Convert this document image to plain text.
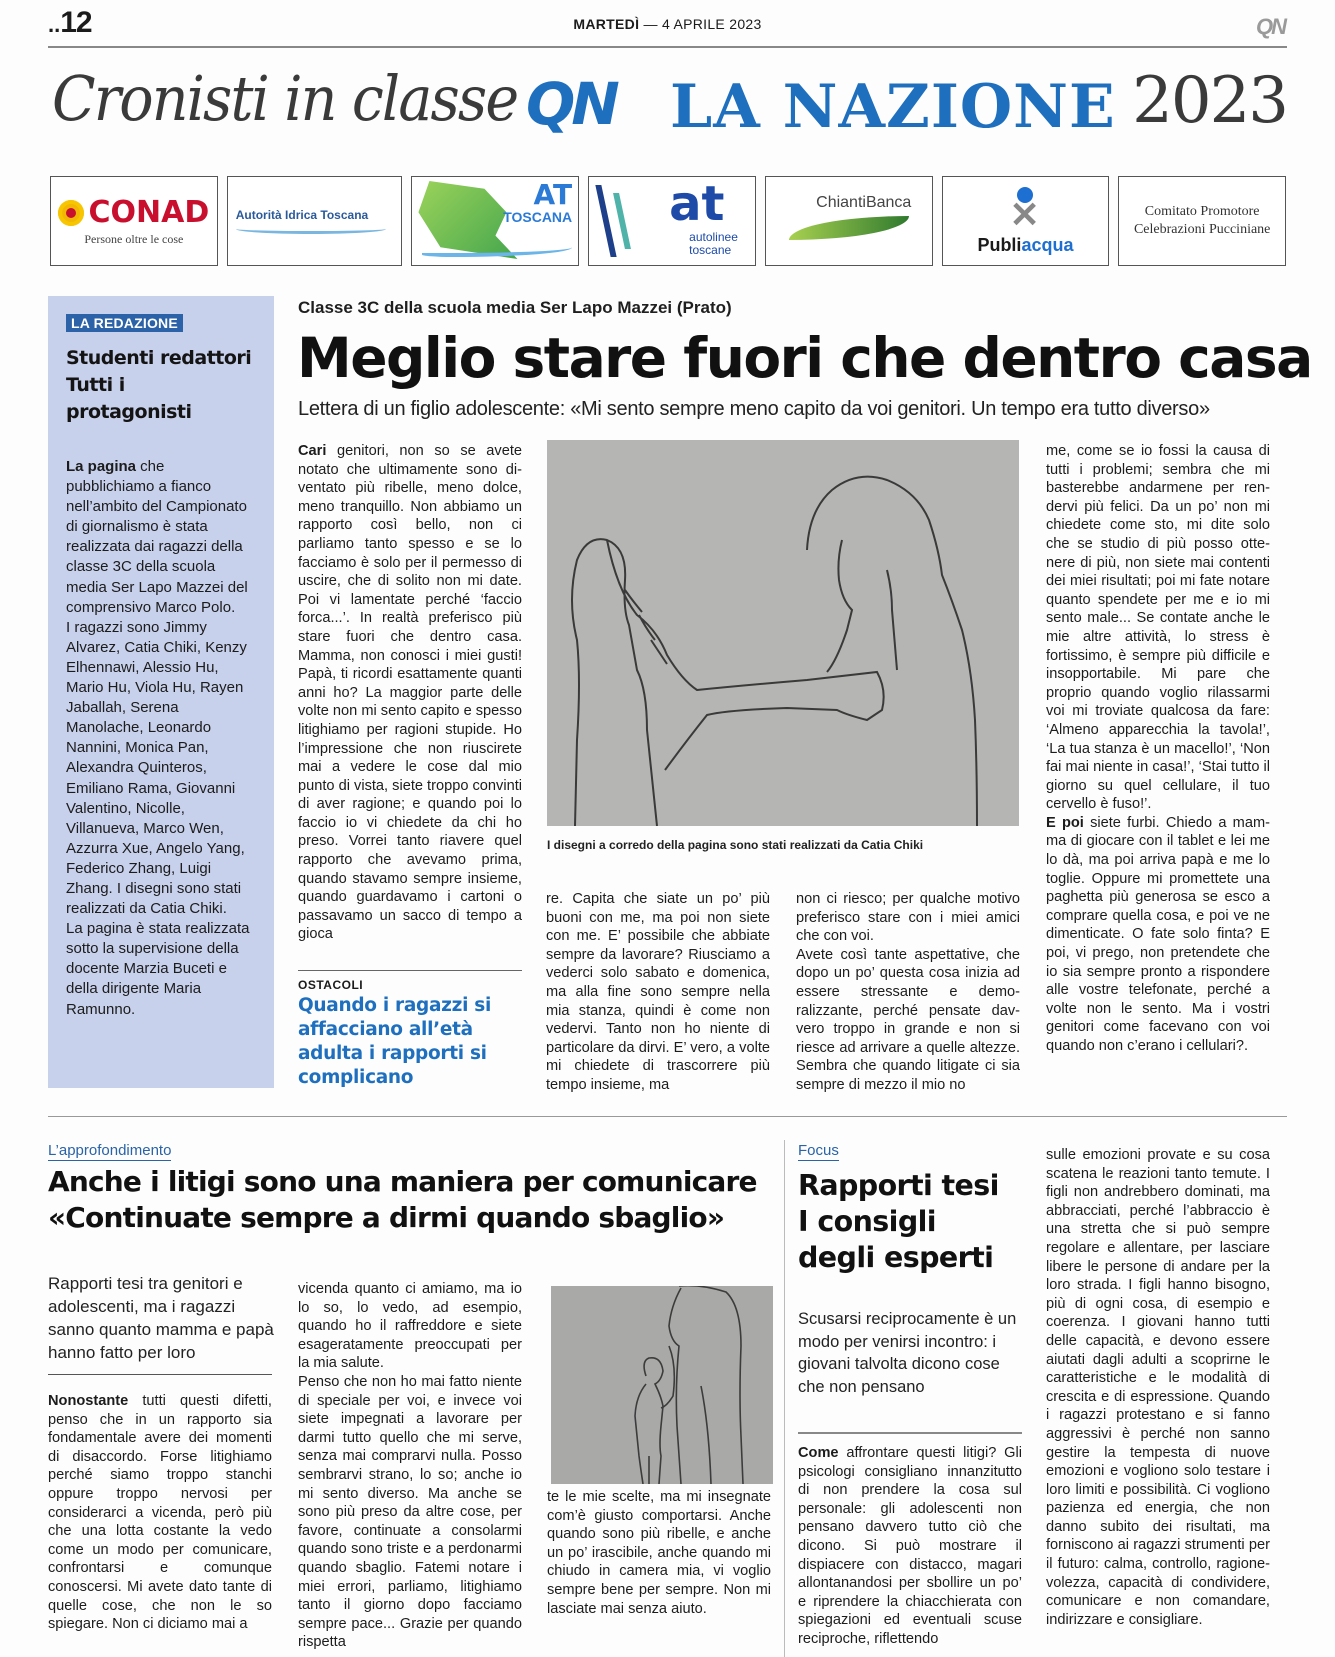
..12	MARTEDÌ — 4 APRILE 2023	QN
Cronisti in classe QN LA NAZIONE 2023
CONAD
Persone oltre le cose
Autorità Idrica Toscana
AT
TOSCANA at
autolinee
toscane
ChiantiBanca
✕
Publiacqua
Comitato Promotore
Celebrazioni Pucciniane
LA REDAZIONE
Studenti redattori
Tutti i protagonisti

La pagina che pubblichiamo a fianco nell’ambito del Campionato di giornalismo è stata realizzata dai ragazzi della classe 3C della scuola media Ser Lapo Mazzei del comprensivo Marco Polo.

I ragazzi sono Jimmy Alvarez, Catia Chiki, Kenzy Elhennawi, Alessio Hu, Mario Hu, Viola Hu, Rayen Jaballah, Serena Manolache, Leonardo Nannini, Monica Pan, Alexandra Quinteros, Emiliano Rama, Giovanni Valentino, Nicolle, Villanueva, Marco Wen, Azzurra Xue, Angelo Yang, Federico Zhang, Luigi Zhang. I disegni sono stati realizzati da Catia Chiki.

La pagina è stata realizzata sotto la supervisione della docente Marzia Buceti e della dirigente Maria Ramunno.

Classe 3C della scuola media Ser Lapo Mazzei (Prato)
Meglio stare fuori che dentro casa
Lettera di un figlio adolescente: «Mi sento sempre meno capito da voi genitori. Un tempo era tutto diverso»
Cari genitori, non so se avete notato che ultimamente sono diventato più ribelle, meno dolce, meno tranquillo. Non abbiamo un rapporto così bello, non ci parliamo tanto spesso e se lo facciamo è solo per il permesso di uscire, che di solito non mi date. Poi vi lamentate perché ‘faccio forca...’. In realtà preferisco più stare fuori che dentro casa. Mamma, non conosci i miei gusti! Papà, ti ricordi esattamente quanti anni ho? La maggior parte delle volte non mi sento capito e spesso litighiamo per ragioni stupide. Ho l’impressione che non riuscirete mai a vedere le cose dal mio punto di vista, siete troppo convinti di aver ragione; e quando poi lo faccio io vi chiedete da chi ho preso. Vorrei tanto riavere quel rapporto che avevamo prima, quando stavamo sempre insieme, quando guardavamo i cartoni o passavamo un sacco di tempo a gioca
I disegni a corredo della pagina sono stati realizzati da Catia Chiki
re. Capita che siate un po’ più buoni con me, ma poi non siete con me. E’ possibile che abbiate sempre da lavorare? Riusciamo a vederci solo sabato e domenica, ma alla fine sono sempre nella mia stanza, quindi è come non vedervi. Tanto non ho niente di particolare da dirvi. E’ vero, a volte mi chiedete di trascorrere più tempo insieme, ma
non ci riesco; per qualche motivo preferisco stare con i miei amici che con voi.
Avete così tante aspettative, che dopo un po’ questa cosa inizia ad essere stressante e demoralizzante, perché pensate davvero troppo in grande e non si riesce ad arrivare a quelle altezze. Sembra che quando litigate ci sia sempre di mezzo il mio no
me, come se io fossi la causa di tutti i problemi; sembra che mi basterebbe andarmene per rendervi più felici. Da un po’ non mi chiedete come sto, mi dite solo che se studio di più posso ottenere di più, non siete mai contenti dei miei risultati; poi mi fate notare quanto spendete per me e io mi sento male... Se contate anche le mie altre attività, lo stress è fortissimo, è sempre più difficile e insopportabile. Mi pare che proprio quando voglio rilassarmi voi mi troviate qualcosa da fare: ‘Almeno apparecchia la tavola!’, ‘La tua stanza è un macello!’, ‘Non fai mai niente in casa!’, ‘Stai tutto il giorno su quel cellulare, il tuo cervello è fuso!’.
E poi siete furbi. Chiedo a mamma di giocare con il tablet e lei me lo dà, ma poi arriva papà e me lo toglie. Oppure mi promettete una paghetta più generosa se esco a comprare quella cosa, e poi ve ne dimenticate. O fate solo finta? E poi, vi prego, non pretendete che io sia sempre pronto a rispondere alle vostre telefonate, perché a volte non le sento. Ma i vostri genitori come facevano con voi quando non c’erano i cellulari?.
OSTACOLI
Quando i ragazzi si affacciano all’età adulta i rapporti si complicano
L’approfondimento
Anche i litigi sono una maniera per comunicare
«Continuate sempre a dirmi quando sbaglio»
Rapporti tesi tra genitori e adolescenti, ma i ragazzi sanno quanto mamma e papà hanno fatto per loro
Nonostante tutti questi difetti, penso che in un rapporto sia fondamentale avere dei momenti di disaccordo. Forse litighiamo perché siamo troppo stanchi oppure troppo nervosi per considerarci a vicenda, però più che una lotta costante la vedo come un modo per comunicare, confrontarsi e comunque conoscersi. Mi avete dato tante di quelle cose, che non le so spiegare. Non ci diciamo mai a
vicenda quanto ci amiamo, ma io lo so, lo vedo, ad esempio, quando ho il raffreddore e siete esageratamente preoccupati per la mia salute.
Penso che non ho mai fatto niente di speciale per voi, e invece voi siete impegnati a lavorare per darmi tutto quello che mi serve, senza mai comprarvi nulla. Posso sembrarvi strano, lo so; anche io mi sento diverso. Ma anche se sono più preso da altre cose, per favore, continuate a consolarmi quando sono triste e a perdonarmi quando sbaglio. Fatemi notare i miei errori, parliamo, litighiamo tanto il giorno dopo facciamo sempre pace... Grazie per quando rispetta
te le mie scelte, ma mi insegnate com’è giusto comportarsi. Anche quando sono più ribelle, e anche un po’ irascibile, anche quando mi chiudo in camera mia, vi voglio sempre bene per sempre. Non mi lasciate mai senza aiuto.
Focus
Rapporti tesi
I consigli
degli esperti
Scusarsi reciprocamente è un modo per venirsi incontro: i giovani talvolta dicono cose che non pensano
Come affrontare questi litigi? Gli psicologi consigliano innanzitutto di non prendere la cosa sul personale: gli adolescenti non pensano davvero tutto ciò che dicono. Si può mostrare il dispiacere con distacco, magari allontanandosi per sbollire un po’ e riprendere la chiacchierata con spiegazioni ed eventuali scuse reciproche, riflettendo
sulle emozioni provate e su cosa scatena le reazioni tanto temute. I figli non andrebbero dominati, ma abbracciati, perché l’abbraccio è una stretta che si può sempre regolare e allentare, per lasciare libere le persone di andare per la loro strada. I figli hanno bisogno, più di ogni cosa, di esempio e coerenza. I giovani hanno tutti delle capacità, e devono essere aiutati dagli adulti a scoprirne le caratteristiche e le modalità di crescita e di espressione. Quando i ragazzi protestano e si fanno aggressivi è perché non sanno gestire la tempesta di nuove emozioni e vogliono solo testare i loro limiti e possibilità. Ci vogliono pazienza ed energia, che non danno subito dei risultati, ma forniscono ai ragazzi strumenti per il futuro: calma, controllo, ragionevolezza, capacità di condividere, comunicare e non comandare, indirizzare e consigliare.
